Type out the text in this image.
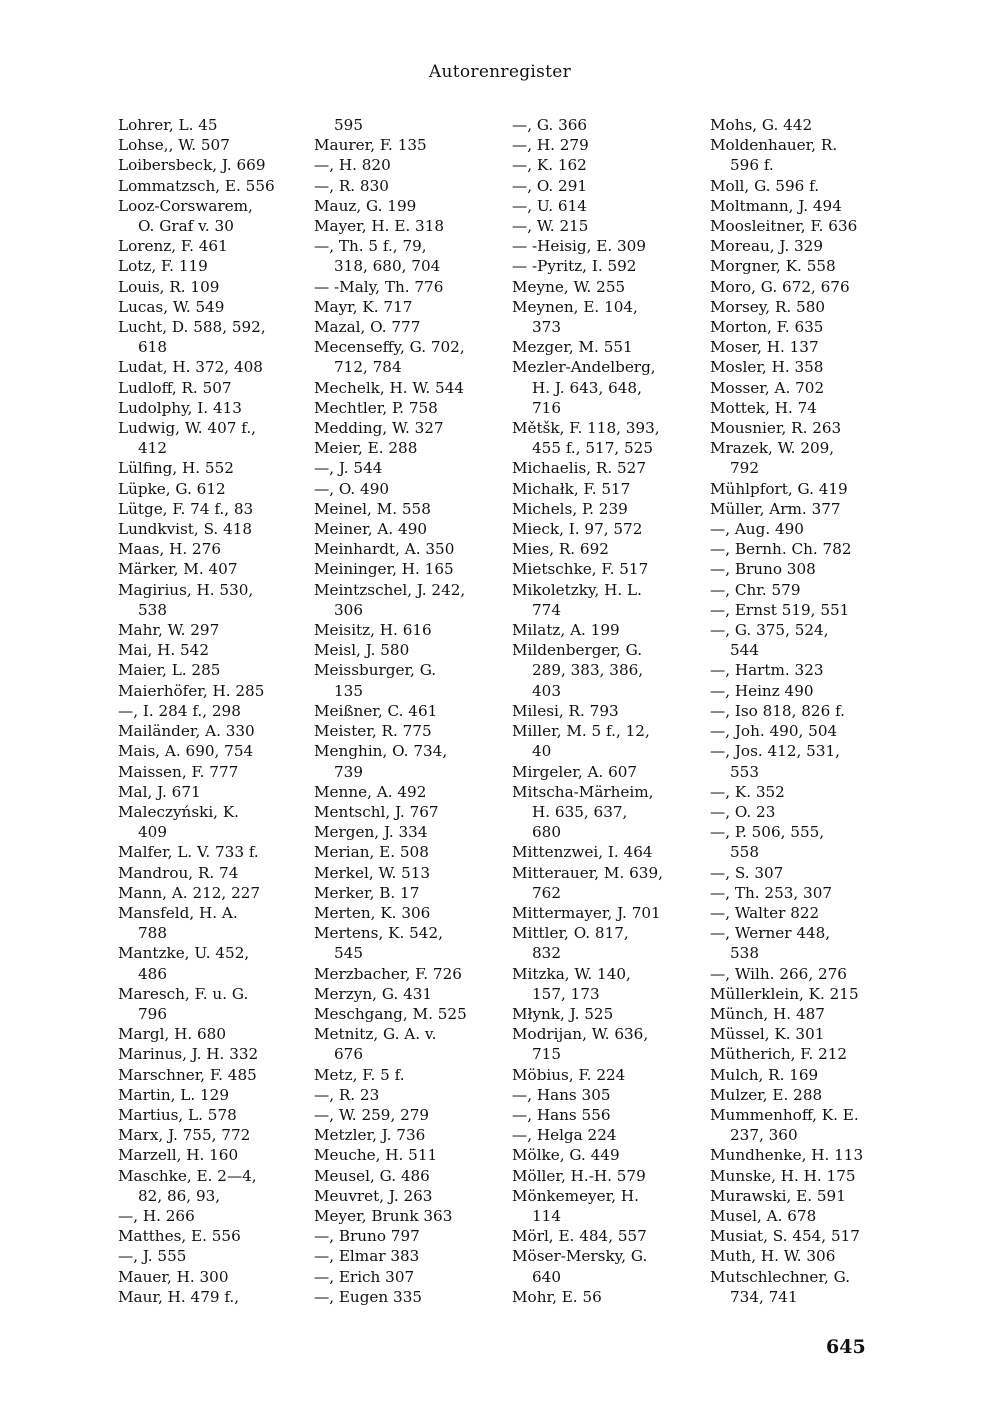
Autorenregister
Lohrer, L. 45
Lohse,, W. 507
Loibersbeck, J. 669
Lommatzsch, E. 556
Looz-Corswarem,
O. Graf v. 30
Lorenz, F. 461
Lotz, F. 119
Louis, R. 109
Lucas, W. 549
Lucht, D. 588, 592,
618
Ludat, H. 372, 408
Ludloff, R. 507
Ludolphy, I. 413
Ludwig, W. 407 f.,
412
Lülfing, H. 552
Lüpke, G. 612
Lütge, F. 74 f., 83
Lundkvist, S. 418
Maas, H. 276
Märker, M. 407
Magirius, H. 530,
538
Mahr, W. 297
Mai, H. 542
Maier, L. 285
Maierhöfer, H. 285
—, I. 284 f., 298
Mailänder, A. 330
Mais, A. 690, 754
Maissen, F. 777
Mal, J. 671
Maleczyński, K.
409
Malfer, L. V. 733 f.
Mandrou, R. 74
Mann, A. 212, 227
Mansfeld, H. A.
788
Mantzke, U. 452,
486
Maresch, F. u. G.
796
Margl, H. 680
Marinus, J. H. 332
Marschner, F. 485
Martin, L. 129
Martius, L. 578
Marx, J. 755, 772
Marzell, H. 160
Maschke, E. 2—4,
82, 86, 93,
—, H. 266
Matthes, E. 556
—, J. 555
Mauer, H. 300
Maur, H. 479 f.,
595
Maurer, F. 135
—, H. 820
—, R. 830
Mauz, G. 199
Mayer, H. E. 318
—, Th. 5 f., 79,
318, 680, 704
— -Maly, Th. 776
Mayr, K. 717
Mazal, O. 777
Mecenseffy, G. 702,
712, 784
Mechelk, H. W. 544
Mechtler, P. 758
Medding, W. 327
Meier, E. 288
—, J. 544
—, O. 490
Meinel, M. 558
Meiner, A. 490
Meinhardt, A. 350
Meininger, H. 165
Meintzschel, J. 242,
306
Meisitz, H. 616
Meisl, J. 580
Meissburger, G.
135
Meißner, C. 461
Meister, R. 775
Menghin, O. 734,
739
Menne, A. 492
Mentschl, J. 767
Mergen, J. 334
Merian, E. 508
Merkel, W. 513
Merker, B. 17
Merten, K. 306
Mertens, K. 542,
545
Merzbacher, F. 726
Merzyn, G. 431
Meschgang, M. 525
Metnitz, G. A. v.
676
Metz, F. 5 f.
—, R. 23
—, W. 259, 279
Metzler, J. 736
Meuche, H. 511
Meusel, G. 486
Meuvret, J. 263
Meyer, Brunk 363
—, Bruno 797
—, Elmar 383
—, Erich 307
—, Eugen 335
—, G. 366
—, H. 279
—, K. 162
—, O. 291
—, U. 614
—, W. 215
— -Heisig, E. 309
— -Pyritz, I. 592
Meyne, W. 255
Meynen, E. 104,
373
Mezger, M. 551
Mezler-Andelberg,
H. J. 643, 648,
716
Mětšk, F. 118, 393,
455 f., 517, 525
Michaelis, R. 527
Michałk, F. 517
Michels, P. 239
Mieck, I. 97, 572
Mies, R. 692
Mietschke, F. 517
Mikoletzky, H. L.
774
Milatz, A. 199
Mildenberger, G.
289, 383, 386,
403
Milesi, R. 793
Miller, M. 5 f., 12,
40
Mirgeler, A. 607
Mitscha-Märheim,
H. 635, 637,
680
Mittenzwei, I. 464
Mitterauer, M. 639,
762
Mittermayer, J. 701
Mittler, O. 817,
832
Mitzka, W. 140,
157, 173
Młynk, J. 525
Modrijan, W. 636,
715
Möbius, F. 224
—, Hans 305
—, Hans 556
—, Helga 224
Mölke, G. 449
Möller, H.-H. 579
Mönkemeyer, H.
114
Mörl, E. 484, 557
Möser-Mersky, G.
640
Mohr, E. 56
Mohs, G. 442
Moldenhauer, R.
596 f.
Moll, G. 596 f.
Moltmann, J. 494
Moosleitner, F. 636
Moreau, J. 329
Morgner, K. 558
Moro, G. 672, 676
Morsey, R. 580
Morton, F. 635
Moser, H. 137
Mosler, H. 358
Mosser, A. 702
Mottek, H. 74
Mousnier, R. 263
Mrazek, W. 209,
792
Mühlpfort, G. 419
Müller, Arm. 377
—, Aug. 490
—, Bernh. Ch. 782
—, Bruno 308
—, Chr. 579
—, Ernst 519, 551
—, G. 375, 524,
544
—, Hartm. 323
—, Heinz 490
—, Iso 818, 826 f.
—, Joh. 490, 504
—, Jos. 412, 531,
553
—, K. 352
—, O. 23
—, P. 506, 555,
558
—, S. 307
—, Th. 253, 307
—, Walter 822
—, Werner 448,
538
—, Wilh. 266, 276
Müllerklein, K. 215
Münch, H. 487
Müssel, K. 301
Mütherich, F. 212
Mulch, R. 169
Mulzer, E. 288
Mummenhoff, K. E.
237, 360
Mundhenke, H. 113
Munske, H. H. 175
Murawski, E. 591
Musel, A. 678
Musiat, S. 454, 517
Muth, H. W. 306
Mutschlechner, G.
734, 741
645
